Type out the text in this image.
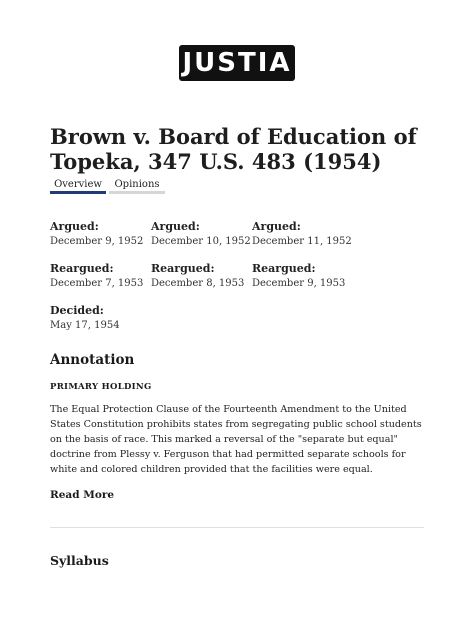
JUSTIA
Brown v. Board of Education of Topeka, 347 U.S. 483 (1954)
Overview	Opinions
Argued:
December 9, 1952
Argued:
December 10, 1952
Argued:
December 11, 1952
Reargued:
December 7, 1953
Reargued:
December 8, 1953
Reargued:
December 9, 1953
Decided:
May 17, 1954
Annotation
PRIMARY HOLDING

The Equal Protection Clause of the Fourteenth Amendment to the United States Constitution prohibits states from segregating public school students on the basis of race. This marked a reversal of the "separate but equal" doctrine from Plessy v. Ferguson that had permitted separate schools for white and colored children provided that the facilities were equal.

Read More
Syllabus
